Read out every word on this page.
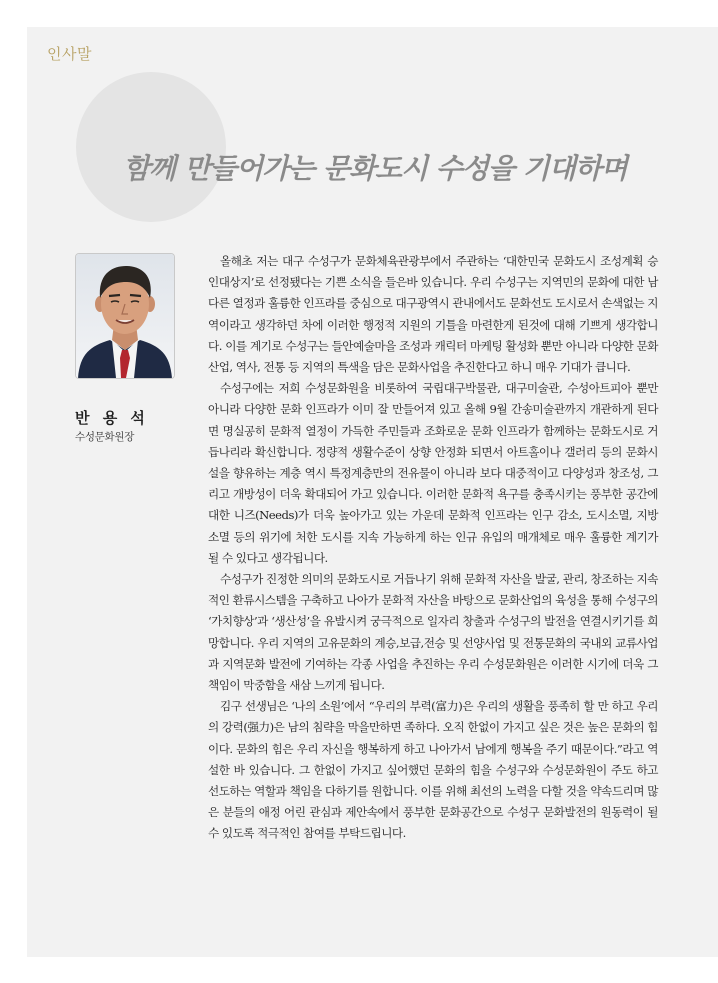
인사말
함께 만들어가는 문화도시 수성을 기대하며
반 용 석
수성문화원장

올해초 저는 대구 수성구가 문화체육관광부에서 주관하는 ‘대한민국 문화도시 조성계획 승인대상지’로 선정됐다는 기쁜 소식을 들은바 있습니다. 우리 수성구는 지역민의 문화에 대한 남다른 열정과 훌륭한 인프라를 중심으로 대구광역시 관내에서도 문화선도 도시로서 손색없는 지역이라고 생각하던 차에 이러한 행정적 지원의 기틀을 마련한게 된것에 대해 기쁘게 생각합니다. 이를 계기로 수성구는 들안예술마을 조성과 캐릭터 마케팅 활성화 뿐만 아니라 다양한 문화산업, 역사, 전통 등 지역의 특색을 담은 문화사업을 추진한다고 하니 매우 기대가 큽니다.

수성구에는 저희 수성문화원을 비롯하여 국립대구박물관, 대구미술관, 수성아트피아 뿐만 아니라 다양한 문화 인프라가 이미 잘 만들어져 있고 올해 9월 간송미술관까지 개관하게 된다면 명실공히 문화적 열정이 가득한 주민들과 조화로운 문화 인프라가 함께하는 문화도시로 거듭나리라 확신합니다. 정량적 생활수준이 상향 안정화 되면서 아트홀이나 갤러리 등의 문화시설을 향유하는 계층 역시 특정계층만의 전유물이 아니라 보다 대중적이고 다양성과 창조성, 그리고 개방성이 더욱 확대되어 가고 있습니다. 이러한 문화적 욕구를 충족시키는 풍부한 공간에 대한 니즈(Needs)가 더욱 높아가고 있는 가운데 문화적 인프라는 인구 감소, 도시소멸, 지방 소멸 등의 위기에 처한 도시를 지속 가능하게 하는 인규 유입의 매개체로 매우 훌륭한 계기가 될 수 있다고 생각됩니다.

수성구가 진정한 의미의 문화도시로 거듭나기 위해 문화적 자산을 발굴, 관리, 창조하는 지속적인 환류시스템을 구축하고 나아가 문화적 자산을 바탕으로 문화산업의 육성을 통해 수성구의 ‘가치향상’과 ‘생산성’을 유발시켜 궁극적으로 일자리 창출과 수성구의 발전을 연결시키기를 희망합니다. 우리 지역의 고유문화의 계승,보급,전승 및 선양사업 및 전통문화의 국내외 교류사업과 지역문화 발전에 기여하는 각종 사업을 추진하는 우리 수성문화원은 이러한 시기에 더욱 그 책임이 막중함을 새삼 느끼게 됩니다.

김구 선생님은 ‘나의 소원’에서 “우리의 부력(富力)은 우리의 생활을 풍족히 할 만 하고 우리의 강력(强力)은 남의 침략을 막을만하면 족하다. 오직 한없이 가지고 싶은 것은 높은 문화의 힘이다. 문화의 힘은 우리 자신을 행복하게 하고 나아가서 남에게 행복을 주기 때문이다.”라고 역설한 바 있습니다. 그 한없이 가지고 싶어했던 문화의 힘을 수성구와 수성문화원이 주도 하고 선도하는 역할과 책임을 다하기를 원합니다. 이를 위해 최선의 노력을 다할 것을 약속드리며 많은 분들의 애정 어린 관심과 제안속에서 풍부한 문화공간으로 수성구 문화발전의 원동력이 될 수 있도록 적극적인 참여를 부탁드립니다.
